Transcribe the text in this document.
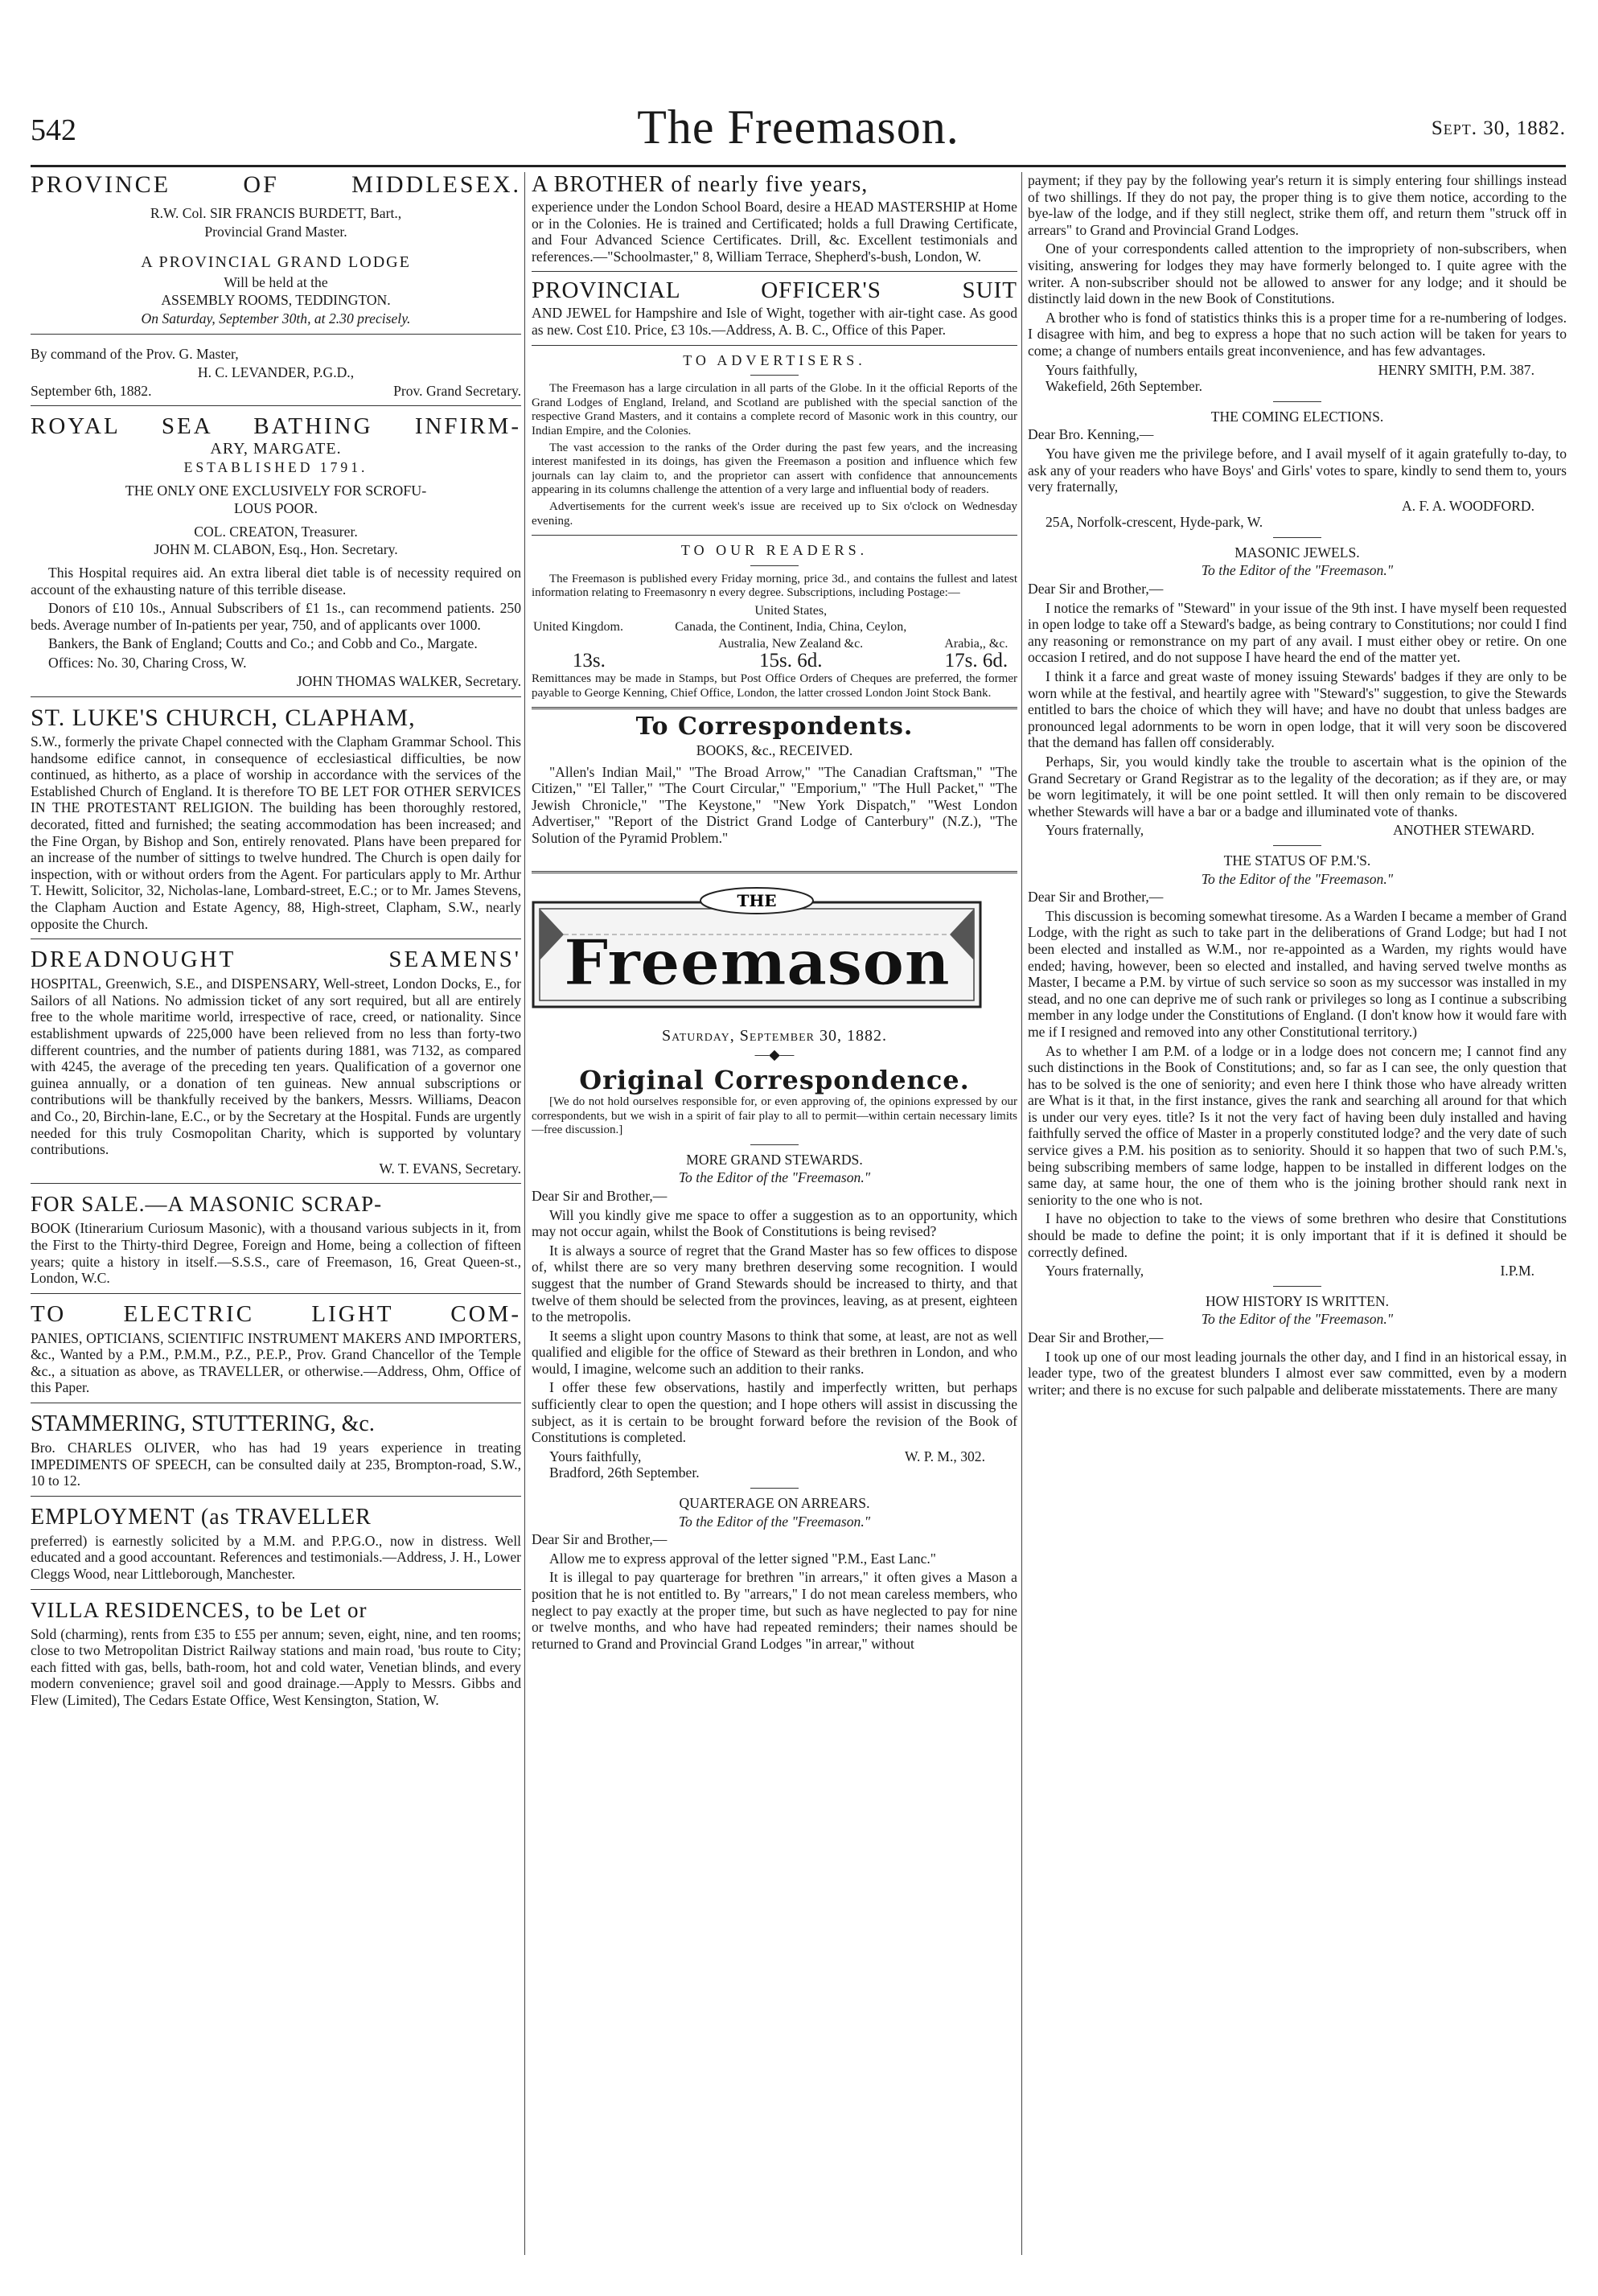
542	The Freemason.	Sept. 30, 1882.
PROVINCE OF MIDDLESEX.
R.W. Col. SIR FRANCIS BURDETT, Bart.,
Provincial Grand Master.
A PROVINCIAL GRAND LODGE
Will be held at the
ASSEMBLY ROOMS, TEDDINGTON.
On Saturday, September 30th, at 2.30 precisely.

By command of the Prov. G. Master,

H. C. LEVANDER, P.G.D.,
September 6th, 1882.	Prov. Grand Secretary.
ROYAL SEA BATHING INFIRM-
ARY, MARGATE.
ESTABLISHED 1791.
THE ONLY ONE EXCLUSIVELY FOR SCROFU-
LOUS POOR.
COL. CREATON, Treasurer.
JOHN M. CLABON, Esq., Hon. Secretary.

This Hospital requires aid. An extra liberal diet table is of necessity required on account of the exhausting nature of this terrible disease.

Donors of £10 10s., Annual Subscribers of £1 1s., can recommend patients. 250 beds. Average number of In-patients per year, 750, and of applicants over 1000.

Bankers, the Bank of England; Coutts and Co.; and Cobb and Co., Margate.

Offices: No. 30, Charing Cross, W.

JOHN THOMAS WALKER, Secretary.
ST. LUKE'S CHURCH, CLAPHAM,

S.W., formerly the private Chapel connected with the Clapham Grammar School. This handsome edifice cannot, in consequence of ecclesiastical difficulties, be now continued, as hitherto, as a place of worship in accordance with the services of the Established Church of England. It is therefore TO BE LET FOR OTHER SERVICES IN THE PROTESTANT RELIGION. The building has been thoroughly restored, decorated, fitted and furnished; the seating accommodation has been increased; and the Fine Organ, by Bishop and Son, entirely renovated. Plans have been prepared for an increase of the number of sittings to twelve hundred. The Church is open daily for inspection, with or without orders from the Agent. For particulars apply to Mr. Arthur T. Hewitt, Solicitor, 32, Nicholas-lane, Lombard-street, E.C.; or to Mr. James Stevens, the Clapham Auction and Estate Agency, 88, High-street, Clapham, S.W., nearly opposite the Church.

DREADNOUGHT SEAMENS'

HOSPITAL, Greenwich, S.E., and DISPENSARY, Well-street, London Docks, E., for Sailors of all Nations. No admission ticket of any sort required, but all are entirely free to the whole maritime world, irrespective of race, creed, or nationality. Since establishment upwards of 225,000 have been relieved from no less than forty-two different countries, and the number of patients during 1881, was 7132, as compared with 4245, the average of the preceding ten years. Qualification of a governor one guinea annually, or a donation of ten guineas. New annual subscriptions or contributions will be thankfully received by the bankers, Messrs. Williams, Deacon and Co., 20, Birchin-lane, E.C., or by the Secretary at the Hospital. Funds are urgently needed for this truly Cosmopolitan Charity, which is supported by voluntary contributions.

W. T. EVANS, Secretary.
FOR SALE.—A MASONIC SCRAP-

BOOK (Itinerarium Curiosum Masonic), with a thousand various subjects in it, from the First to the Thirty-third Degree, Foreign and Home, being a collection of fifteen years; quite a history in itself.—S.S.S., care of Freemason, 16, Great Queen-st., London, W.C.

TO ELECTRIC LIGHT COM-

PANIES, OPTICIANS, SCIENTIFIC INSTRUMENT MAKERS AND IMPORTERS, &c., Wanted by a P.M., P.M.M., P.Z., P.E.P., Prov. Grand Chancellor of the Temple &c., a situation as above, as TRAVELLER, or otherwise.—Address, Ohm, Office of this Paper.

STAMMERING, STUTTERING, &c.

Bro. CHARLES OLIVER, who has had 19 years experience in treating IMPEDIMENTS OF SPEECH, can be consulted daily at 235, Brompton-road, S.W., 10 to 12.

EMPLOYMENT (as TRAVELLER

preferred) is earnestly solicited by a M.M. and P.P.G.O., now in distress. Well educated and a good accountant. References and testimonials.—Address, J. H., Lower Cleggs Wood, near Littleborough, Manchester.

VILLA RESIDENCES, to be Let or

Sold (charming), rents from £35 to £55 per annum; seven, eight, nine, and ten rooms; close to two Metropolitan District Railway stations and main road, 'bus route to City; each fitted with gas, bells, bath-room, hot and cold water, Venetian blinds, and every modern convenience; gravel soil and good drainage.—Apply to Messrs. Gibbs and Flew (Limited), The Cedars Estate Office, West Kensington, Station, W.

A BROTHER of nearly five years,

experience under the London School Board, desire a HEAD MASTERSHIP at Home or in the Colonies. He is trained and Certificated; holds a full Drawing Certificate, and Four Advanced Science Certificates. Drill, &c. Excellent testimonials and references.—"Schoolmaster," 8, William Terrace, Shepherd's-bush, London, W.

PROVINCIAL OFFICER'S SUIT

AND JEWEL for Hampshire and Isle of Wight, together with air-tight case. As good as new. Cost £10. Price, £3 10s.—Address, A. B. C., Office of this Paper.

TO ADVERTISERS.

The Freemason has a large circulation in all parts of the Globe. In it the official Reports of the Grand Lodges of England, Ireland, and Scotland are published with the special sanction of the respective Grand Masters, and it contains a complete record of Masonic work in this country, our Indian Empire, and the Colonies.

The vast accession to the ranks of the Order during the past few years, and the increasing interest manifested in its doings, has given the Freemason a position and influence which few journals can lay claim to, and the proprietor can assert with confidence that announcements appearing in its columns challenge the attention of a very large and influential body of readers.

Advertisements for the current week's issue are received up to Six o'clock on Wednesday evening.

TO OUR READERS.

The Freemason is published every Friday morning, price 3d., and contains the fullest and latest information relating to Freemasonry n every degree. Subscriptions, including Postage:—

	United States,	
United Kingdom.	Canada, the Continent, India, China, Ceylon,	
	Australia, New Zealand &c.	Arabia,, &c.
13s.	15s. 6d.	17s. 6d.

Remittances may be made in Stamps, but Post Office Orders of Cheques are preferred, the former payable to George Kenning, Chief Office, London, the latter crossed London Joint Stock Bank.

To Correspondents.
BOOKS, &c., RECEIVED.

"Allen's Indian Mail," "The Broad Arrow," "The Canadian Craftsman," "The Citizen," "El Taller," "The Court Circular," "Emporium," "The Hull Packet," "The Jewish Chronicle," "The Keystone," "New York Dispatch," "West London Advertiser," "Report of the District Grand Lodge of Canterbury" (N.Z.), "The Solution of the Pyramid Problem."

THE
Freemason
Saturday, September 30, 1882.
—◆—
Original Correspondence.

[We do not hold ourselves responsible for, or even approving of, the opinions expressed by our correspondents, but we wish in a spirit of fair play to all to permit—within certain necessary limits—free discussion.]

MORE GRAND STEWARDS.
To the Editor of the "Freemason."

Dear Sir and Brother,—

Will you kindly give me space to offer a suggestion as to an opportunity, which may not occur again, whilst the Book of Constitutions is being revised?

It is always a source of regret that the Grand Master has so few offices to dispose of, whilst there are so very many brethren deserving some recognition. I would suggest that the number of Grand Stewards should be increased to thirty, and that twelve of them should be selected from the provinces, leaving, as at present, eighteen to the metropolis.

It seems a slight upon country Masons to think that some, at least, are not as well qualified and eligible for the office of Steward as their brethren in London, and who would, I imagine, welcome such an addition to their ranks.

I offer these few observations, hastily and imperfectly written, but perhaps sufficiently clear to open the question; and I hope others will assist in discussing the subject, as it is certain to be brought forward before the revision of the Book of Constitutions is completed.

Yours faithfully,	W. P. M., 302.

Bradford, 26th September.

QUARTERAGE ON ARREARS.
To the Editor of the "Freemason."

Dear Sir and Brother,—

Allow me to express approval of the letter signed "P.M., East Lanc."

It is illegal to pay quarterage for brethren "in arrears," it often gives a Mason a position that he is not entitled to. By "arrears," I do not mean careless members, who neglect to pay exactly at the proper time, but such as have neglected to pay for nine or twelve months, and who have had repeated reminders; their names should be returned to Grand and Provincial Grand Lodges "in arrear," without

payment; if they pay by the following year's return it is simply entering four shillings instead of two shillings. If they do not pay, the proper thing is to give them notice, according to the bye-law of the lodge, and if they still neglect, strike them off, and return them "struck off in arrears" to Grand and Provincial Grand Lodges.

One of your correspondents called attention to the impropriety of non-subscribers, when visiting, answering for lodges they may have formerly belonged to. I quite agree with the writer. A non-subscriber should not be allowed to answer for any lodge; and it should be distinctly laid down in the new Book of Constitutions.

A brother who is fond of statistics thinks this is a proper time for a re-numbering of lodges. I disagree with him, and beg to express a hope that no such action will be taken for years to come; a change of numbers entails great inconvenience, and has few advantages.

Yours faithfully,	HENRY SMITH, P.M. 387.

Wakefield, 26th September.

THE COMING ELECTIONS.

Dear Bro. Kenning,—

You have given me the privilege before, and I avail myself of it again gratefully to-day, to ask any of your readers who have Boys' and Girls' votes to spare, kindly to send them to, yours very fraternally,

A. F. A. WOODFORD.

25A, Norfolk-crescent, Hyde-park, W.

MASONIC JEWELS.
To the Editor of the "Freemason."

Dear Sir and Brother,—

I notice the remarks of "Steward" in your issue of the 9th inst. I have myself been requested in open lodge to take off a Steward's badge, as being contrary to Constitutions; nor could I find any reasoning or remonstrance on my part of any avail. I must either obey or retire. On one occasion I retired, and do not suppose I have heard the end of the matter yet.

I think it a farce and great waste of money issuing Stewards' badges if they are only to be worn while at the festival, and heartily agree with "Steward's" suggestion, to give the Stewards entitled to bars the choice of which they will have; and have no doubt that unless badges are pronounced legal adornments to be worn in open lodge, that it will very soon be discovered that the demand has fallen off considerably.

Perhaps, Sir, you would kindly take the trouble to ascertain what is the opinion of the Grand Secretary or Grand Registrar as to the legality of the decoration; as if they are, or may be worn legitimately, it will be one point settled. It will then only remain to be discovered whether Stewards will have a bar or a badge and illuminated vote of thanks.

Yours fraternally,	ANOTHER STEWARD.
THE STATUS OF P.M.'S.
To the Editor of the "Freemason."

Dear Sir and Brother,—

This discussion is becoming somewhat tiresome. As a Warden I became a member of Grand Lodge, with the right as such to take part in the deliberations of Grand Lodge; but had I not been elected and installed as W.M., nor re-appointed as a Warden, my rights would have ended; having, however, been so elected and installed, and having served twelve months as Master, I became a P.M. by virtue of such service so soon as my successor was installed in my stead, and no one can deprive me of such rank or privileges so long as I continue a subscribing member in any lodge under the Constitutions of England. (I don't know how it would fare with me if I resigned and removed into any other Constitutional territory.)

As to whether I am P.M. of a lodge or in a lodge does not concern me; I cannot find any such distinctions in the Book of Constitutions; and, so far as I can see, the only question that has to be solved is the one of seniority; and even here I think those who have already written are What is it that, in the first instance, gives the rank and searching all around for that which is under our very eyes. title? Is it not the very fact of having been duly installed and having faithfully served the office of Master in a properly constituted lodge? and the very date of such service gives a P.M. his position as to seniority. Should it so happen that two of such P.M.'s, being subscribing members of same lodge, happen to be installed in different lodges on the same day, at same hour, the one of them who is the joining brother should rank next in seniority to the one who is not.

I have no objection to take to the views of some brethren who desire that Constitutions should be made to define the point; it is only important that if it is defined it should be correctly defined.

Yours fraternally,	I.P.M.
HOW HISTORY IS WRITTEN.
To the Editor of the "Freemason."

Dear Sir and Brother,—

I took up one of our most leading journals the other day, and I find in an historical essay, in leader type, two of the greatest blunders I almost ever saw committed, even by a modern writer; and there is no excuse for such palpable and deliberate misstatements. There are many
